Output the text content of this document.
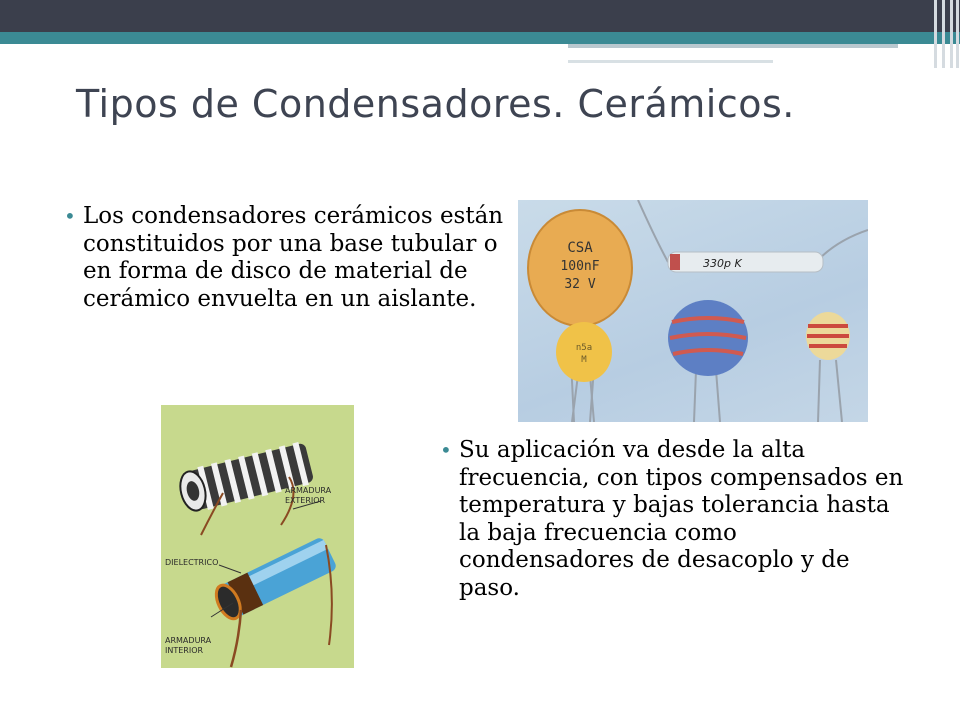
Tipos de Condensadores. Cerámicos.
• Los condensadores cerámicos están constituidos por una base tubular o en forma de disco de material de cerámico envuelta en un aislante.
CSA
100nF
32 V
330p K
n5a
M
ARMADURA
EXTERIOR
DIELECTRICO
ARMADURA
INTERIOR
• Su aplicación va desde la alta frecuencia, con tipos compensados en temperatura y bajas tolerancia hasta la baja frecuencia como condensadores de desacoplo y de paso.
